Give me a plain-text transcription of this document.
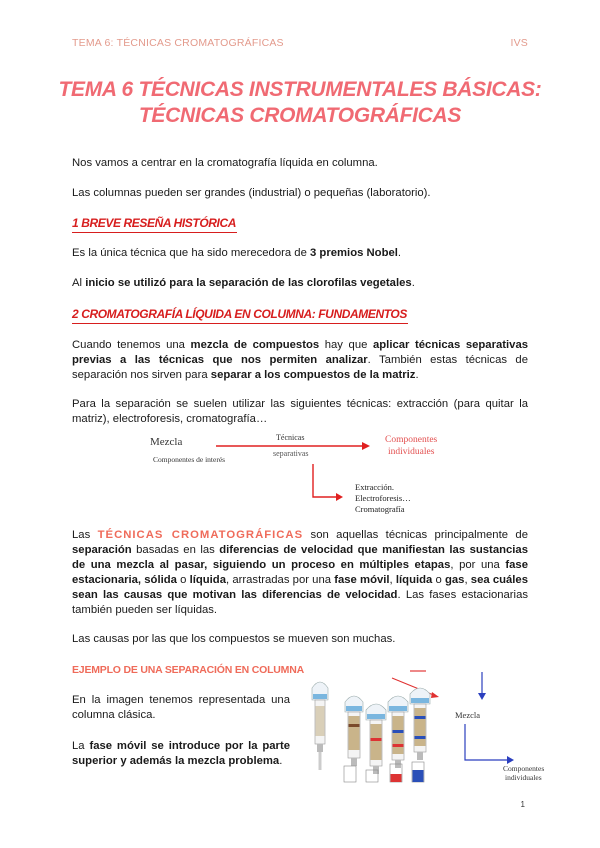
TEMA 6: TÉCNICAS CROMATOGRÁFICAS	IVS
TEMA 6 TÉCNICAS INSTRUMENTALES BÁSICAS:
TÉCNICAS CROMATOGRÁFICAS

Nos vamos a centrar en la cromatografía líquida en columna.

Las columnas pueden ser grandes (industrial) o pequeñas (laboratorio).

1 BREVE RESEÑA HISTÓRICA

Es la única técnica que ha sido merecedora de 3 premios Nobel.

Al inicio se utilizó para la separación de las clorofilas vegetales.

2 CROMATOGRAFÍA LÍQUIDA EN COLUMNA: FUNDAMENTOS

Cuando tenemos una mezcla de compuestos hay que aplicar técnicas separativas previas a las técnicas que nos permiten analizar. También estas técnicas de separación nos sirven para separar a los compuestos de la matriz.

Para la separación se suelen utilizar las siguientes técnicas: extracción (para quitar la matriz), electroforesis, cromatografía…

Mezcla
Componentes de interés
Técnicas
separativas
Componentes
individuales
Extracción.
Electroforesis…
Cromatografía

Las TÉCNICAS CROMATOGRÁFICAS son aquellas técnicas principalmente de separación basadas en las diferencias de velocidad que manifiestan las sustancias de una mezcla al pasar, siguiendo un proceso en múltiples etapas, por una fase estacionaria, sólida o líquida, arrastradas por una fase móvil, líquida o gas, sea cuáles sean las causas que motivan las diferencias de velocidad. Las fases estacionarias también pueden ser líquidas.

Las causas por las que los compuestos se mueven son muchas.

EJEMPLO DE UNA SEPARACIÓN EN COLUMNA

En la imagen tenemos representada una columna clásica.

La fase móvil se introduce por la parte superior y además la mezcla problema.

Mezcla
Componentes
individuales
1
